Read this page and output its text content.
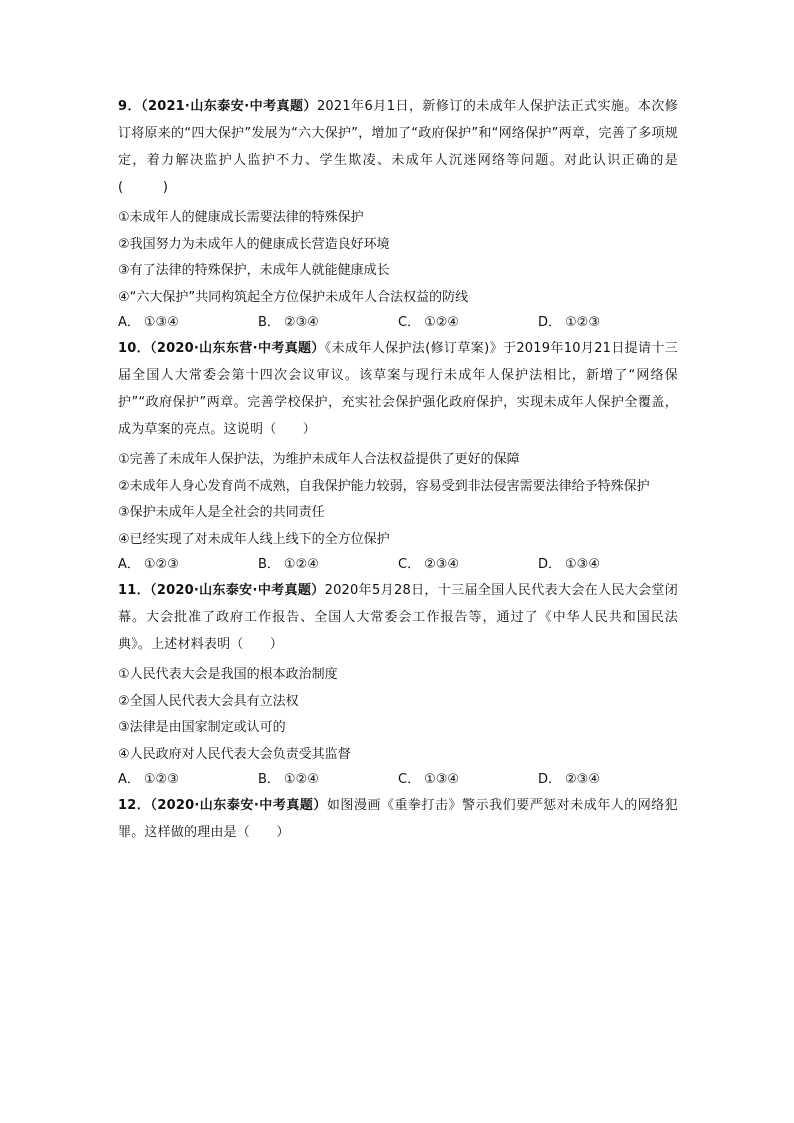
9．（2021·山东泰安·中考真题）2021年6月1日，新修订的未成年人保护法正式实施。本次修订将原来的“四大保护”发展为“六大保护”，增加了“政府保护”和“网络保护”两章，完善了多项规定，着力解决监护人监护不力、学生欺凌、未成年人沉迷网络等问题。对此认识正确的是(　　　)

①未成年人的健康成长需要法律的特殊保护

②我国努力为未成年人的健康成长营造良好环境

③有了法律的特殊保护，未成年人就能健康成长

④“六大保护”共同构筑起全方位保护未成年人合法权益的防线

A． ①③④	B． ②③④	C． ①②④	D． ①②③

10．（2020·山东东营·中考真题）《未成年人保护法(修订草案)》于2019年10月21日提请十三届全国人大常委会第十四次会议审议。该草案与现行未成年人保护法相比，新增了“网络保护”“政府保护”两章。完善学校保护，充实社会保护强化政府保护，实现未成年人保护全覆盖，成为草案的亮点。这说明（　　）

①完善了未成年人保护法，为维护未成年人合法权益提供了更好的保障

②未成年人身心发育尚不成熟，自我保护能力较弱，容易受到非法侵害需要法律给予特殊保护

③保护未成年人是全社会的共同责任

④已经实现了对未成年人线上线下的全方位保护

A． ①②③	B． ①②④	C． ②③④	D． ①③④

11．（2020·山东泰安·中考真题）2020年5月28日，十三届全国人民代表大会在人民大会堂闭幕。大会批准了政府工作报告、全国人大常委会工作报告等，通过了《中华人民共和国民法典》。上述材料表明（　　）

①人民代表大会是我国的根本政治制度

②全国人民代表大会具有立法权

③法律是由国家制定或认可的

④人民政府对人民代表大会负责受其监督

A． ①②③	B． ①②④	C． ①③④	D． ②③④

12．（2020·山东泰安·中考真题）如图漫画《重拳打击》警示我们要严惩对未成年人的网络犯罪。这样做的理由是（　　）
